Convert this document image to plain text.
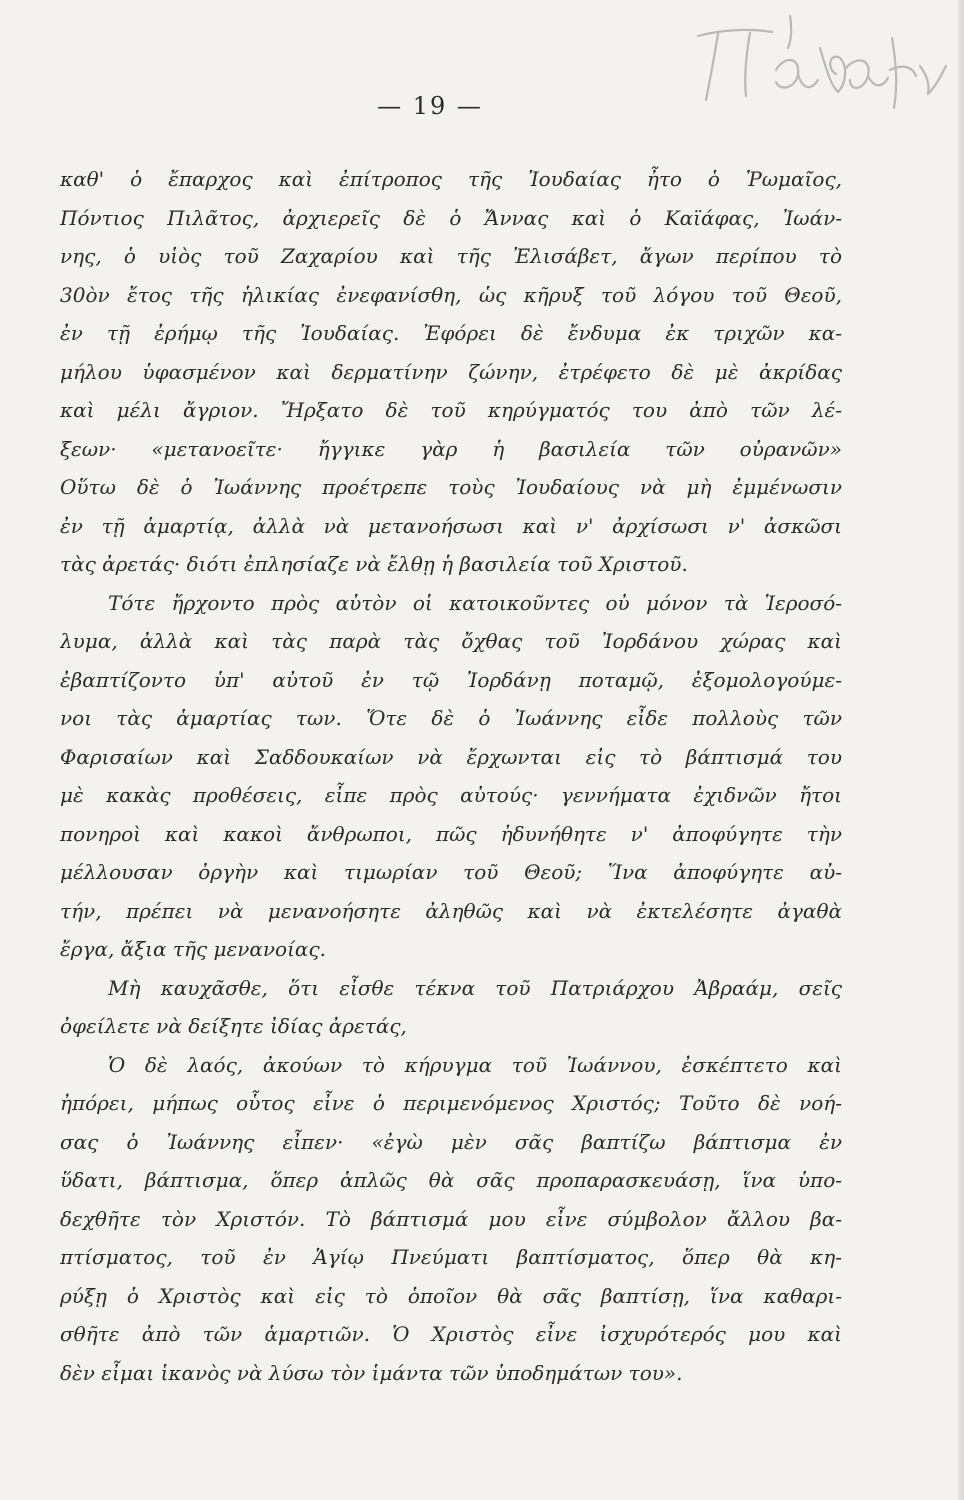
— 19 —
καθ' ὁ ἔπαρχος καὶ ἐπίτροπος τῆς Ἰουδαίας ἦτο ὁ Ῥωμαῖος,
Πόντιος Πιλᾶτος, ἀρχιερεῖς δὲ ὁ Ἄννας καὶ ὁ Καϊάφας, Ἰωάν-
νης, ὁ υἱὸς τοῦ Ζαχαρίου καὶ τῆς Ἐλισάβετ, ἄγων περίπου τὸ
30ὸν ἔτος τῆς ἡλικίας ἐνεφανίσθη, ὡς κῆρυξ τοῦ λόγου τοῦ Θεοῦ,
ἐν τῇ ἐρήμῳ τῆς Ἰουδαίας. Ἐφόρει δὲ ἔνδυμα ἐκ τριχῶν κα-
μήλου ὑφασμένον καὶ δερματίνην ζώνην, ἐτρέφετο δὲ μὲ ἀκρίδας
καὶ μέλι ἄγριον. Ἤρξατο δὲ τοῦ κηρύγματός του ἀπὸ τῶν λέ-
ξεων· «μετανοεῖτε· ἤγγικε γὰρ ἡ βασιλεία τῶν οὐρανῶν»
Οὕτω δὲ ὁ Ἰωάννης προέτρεπε τοὺς Ἰουδαίους νὰ μὴ ἐμμένωσιν
ἐν τῇ ἁμαρτίᾳ, ἀλλὰ νὰ μετανοήσωσι καὶ ν' ἀρχίσωσι ν' ἀσκῶσι
τὰς ἀρετάς· διότι ἐπλησίαζε νὰ ἔλθῃ ἡ βασιλεία τοῦ Χριστοῦ.
Τότε ἤρχοντο πρὸς αὐτὸν οἱ κατοικοῦντες οὐ μόνον τὰ Ἱεροσό-
λυμα, ἀλλὰ καὶ τὰς παρὰ τὰς ὄχθας τοῦ Ἰορδάνου χώρας καὶ
ἐβαπτίζοντο ὑπ' αὐτοῦ ἐν τῷ Ἰορδάνῃ ποταμῷ, ἐξομολογούμε-
νοι τὰς ἁμαρτίας των. Ὅτε δὲ ὁ Ἰωάννης εἶδε πολλοὺς τῶν
Φαρισαίων καὶ Σαδδουκαίων νὰ ἔρχωνται εἰς τὸ βάπτισμά του
μὲ κακὰς προθέσεις, εἶπε πρὸς αὐτούς· γεννήματα ἐχιδνῶν ἤτοι
πονηροὶ καὶ κακοὶ ἄνθρωποι, πῶς ἠδυνήθητε ν' ἀποφύγητε τὴν
μέλλουσαν ὀργὴν καὶ τιμωρίαν τοῦ Θεοῦ; Ἵνα ἀποφύγητε αὐ-
τήν, πρέπει νὰ μενανοήσητε ἀληθῶς καὶ νὰ ἐκτελέσητε ἀγαθὰ
ἔργα, ἄξια τῆς μενανοίας.
Μὴ καυχᾶσθε, ὅτι εἶσθε τέκνα τοῦ Πατριάρχου Ἀβραάμ, σεῖς
ὀφείλετε νὰ δείξητε ἰδίας ἀρετάς,
Ὁ δὲ λαός, ἀκούων τὸ κήρυγμα τοῦ Ἰωάννου, ἐσκέπτετο καὶ
ἠπόρει, μήπως οὗτος εἶνε ὁ περιμενόμενος Χριστός; Τοῦτο δὲ νοή-
σας ὁ Ἰωάννης εἶπεν· «ἐγὼ μὲν σᾶς βαπτίζω βάπτισμα ἐν
ὕδατι, βάπτισμα, ὅπερ ἁπλῶς θὰ σᾶς προπαρασκευάσῃ, ἵνα ὑπο-
δεχθῆτε τὸν Χριστόν. Τὸ βάπτισμά μου εἶνε σύμβολον ἄλλου βα-
πτίσματος, τοῦ ἐν Ἁγίῳ Πνεύματι βαπτίσματος, ὅπερ θὰ κη-
ρύξῃ ὁ Χριστὸς καὶ εἰς τὸ ὁποῖον θὰ σᾶς βαπτίσῃ, ἵνα καθαρι-
σθῆτε ἀπὸ τῶν ἁμαρτιῶν. Ὁ Χριστὸς εἶνε ἰσχυρότερός μου καὶ
δὲν εἶμαι ἱκανὸς νὰ λύσω τὸν ἱμάντα τῶν ὑποδημάτων του».
